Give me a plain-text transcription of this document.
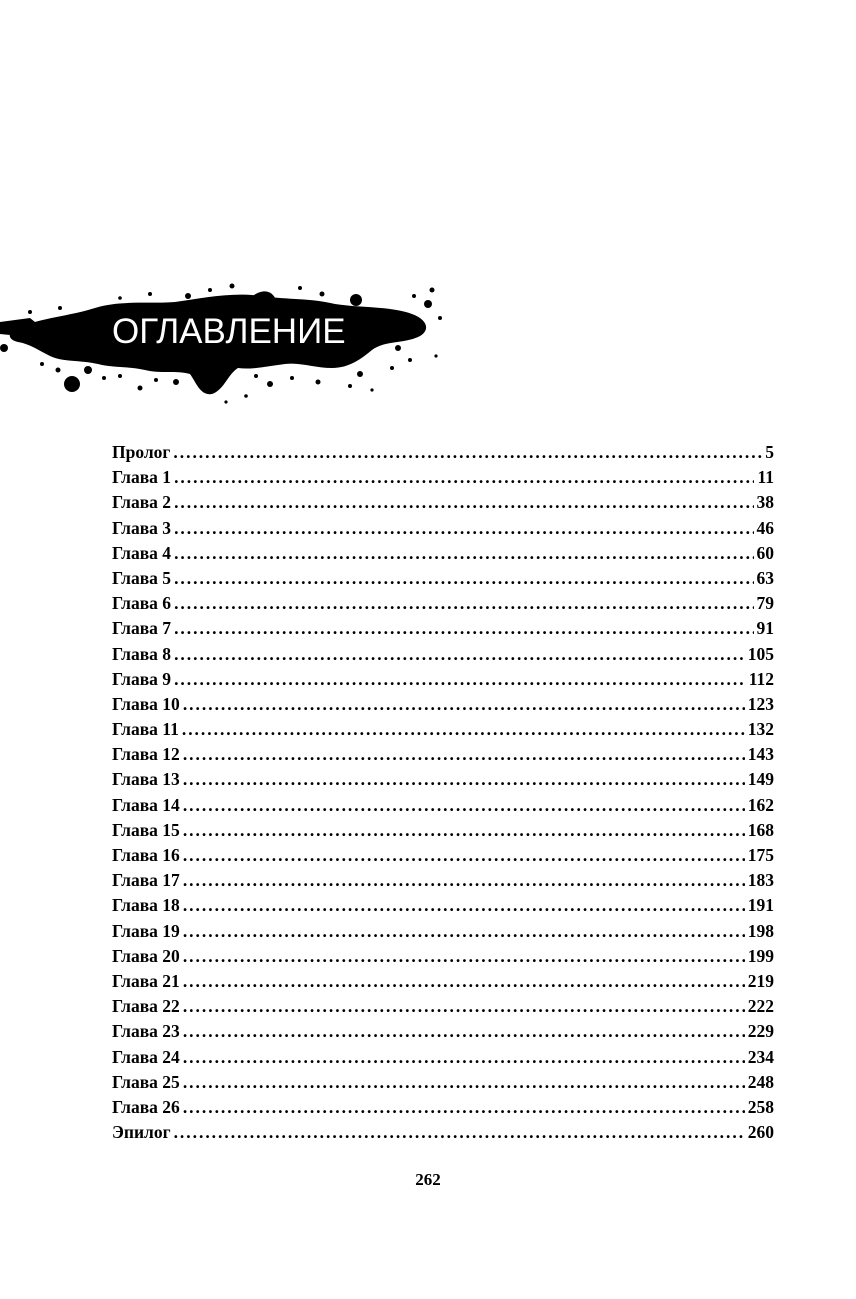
ОГЛАВЛЕНИЕ
Пролог . . .	5
Глава 1 . . .	11
Глава 2 . . .	38
Глава 3 . . .	46
Глава 4 . . .	60
Глава 5 . . .	63
Глава 6 . . .	79
Глава 7 . . .	91
Глава 8 . . .	105
Глава 9 . . .	112
Глава 10 . . .	123
Глава 11 . . .	132
Глава 12 . . .	143
Глава 13 . . .	149
Глава 14 . . .	162
Глава 15 . . .	168
Глава 16 . . .	175
Глава 17 . . .	183
Глава 18 . . .	191
Глава 19 . . .	198
Глава 20 . . .	199
Глава 21 . . .	219
Глава 22 . . .	222
Глава 23 . . .	229
Глава 24 . . .	234
Глава 25 . . .	248
Глава 26 . . .	258
Эпилог . . .	260
262
